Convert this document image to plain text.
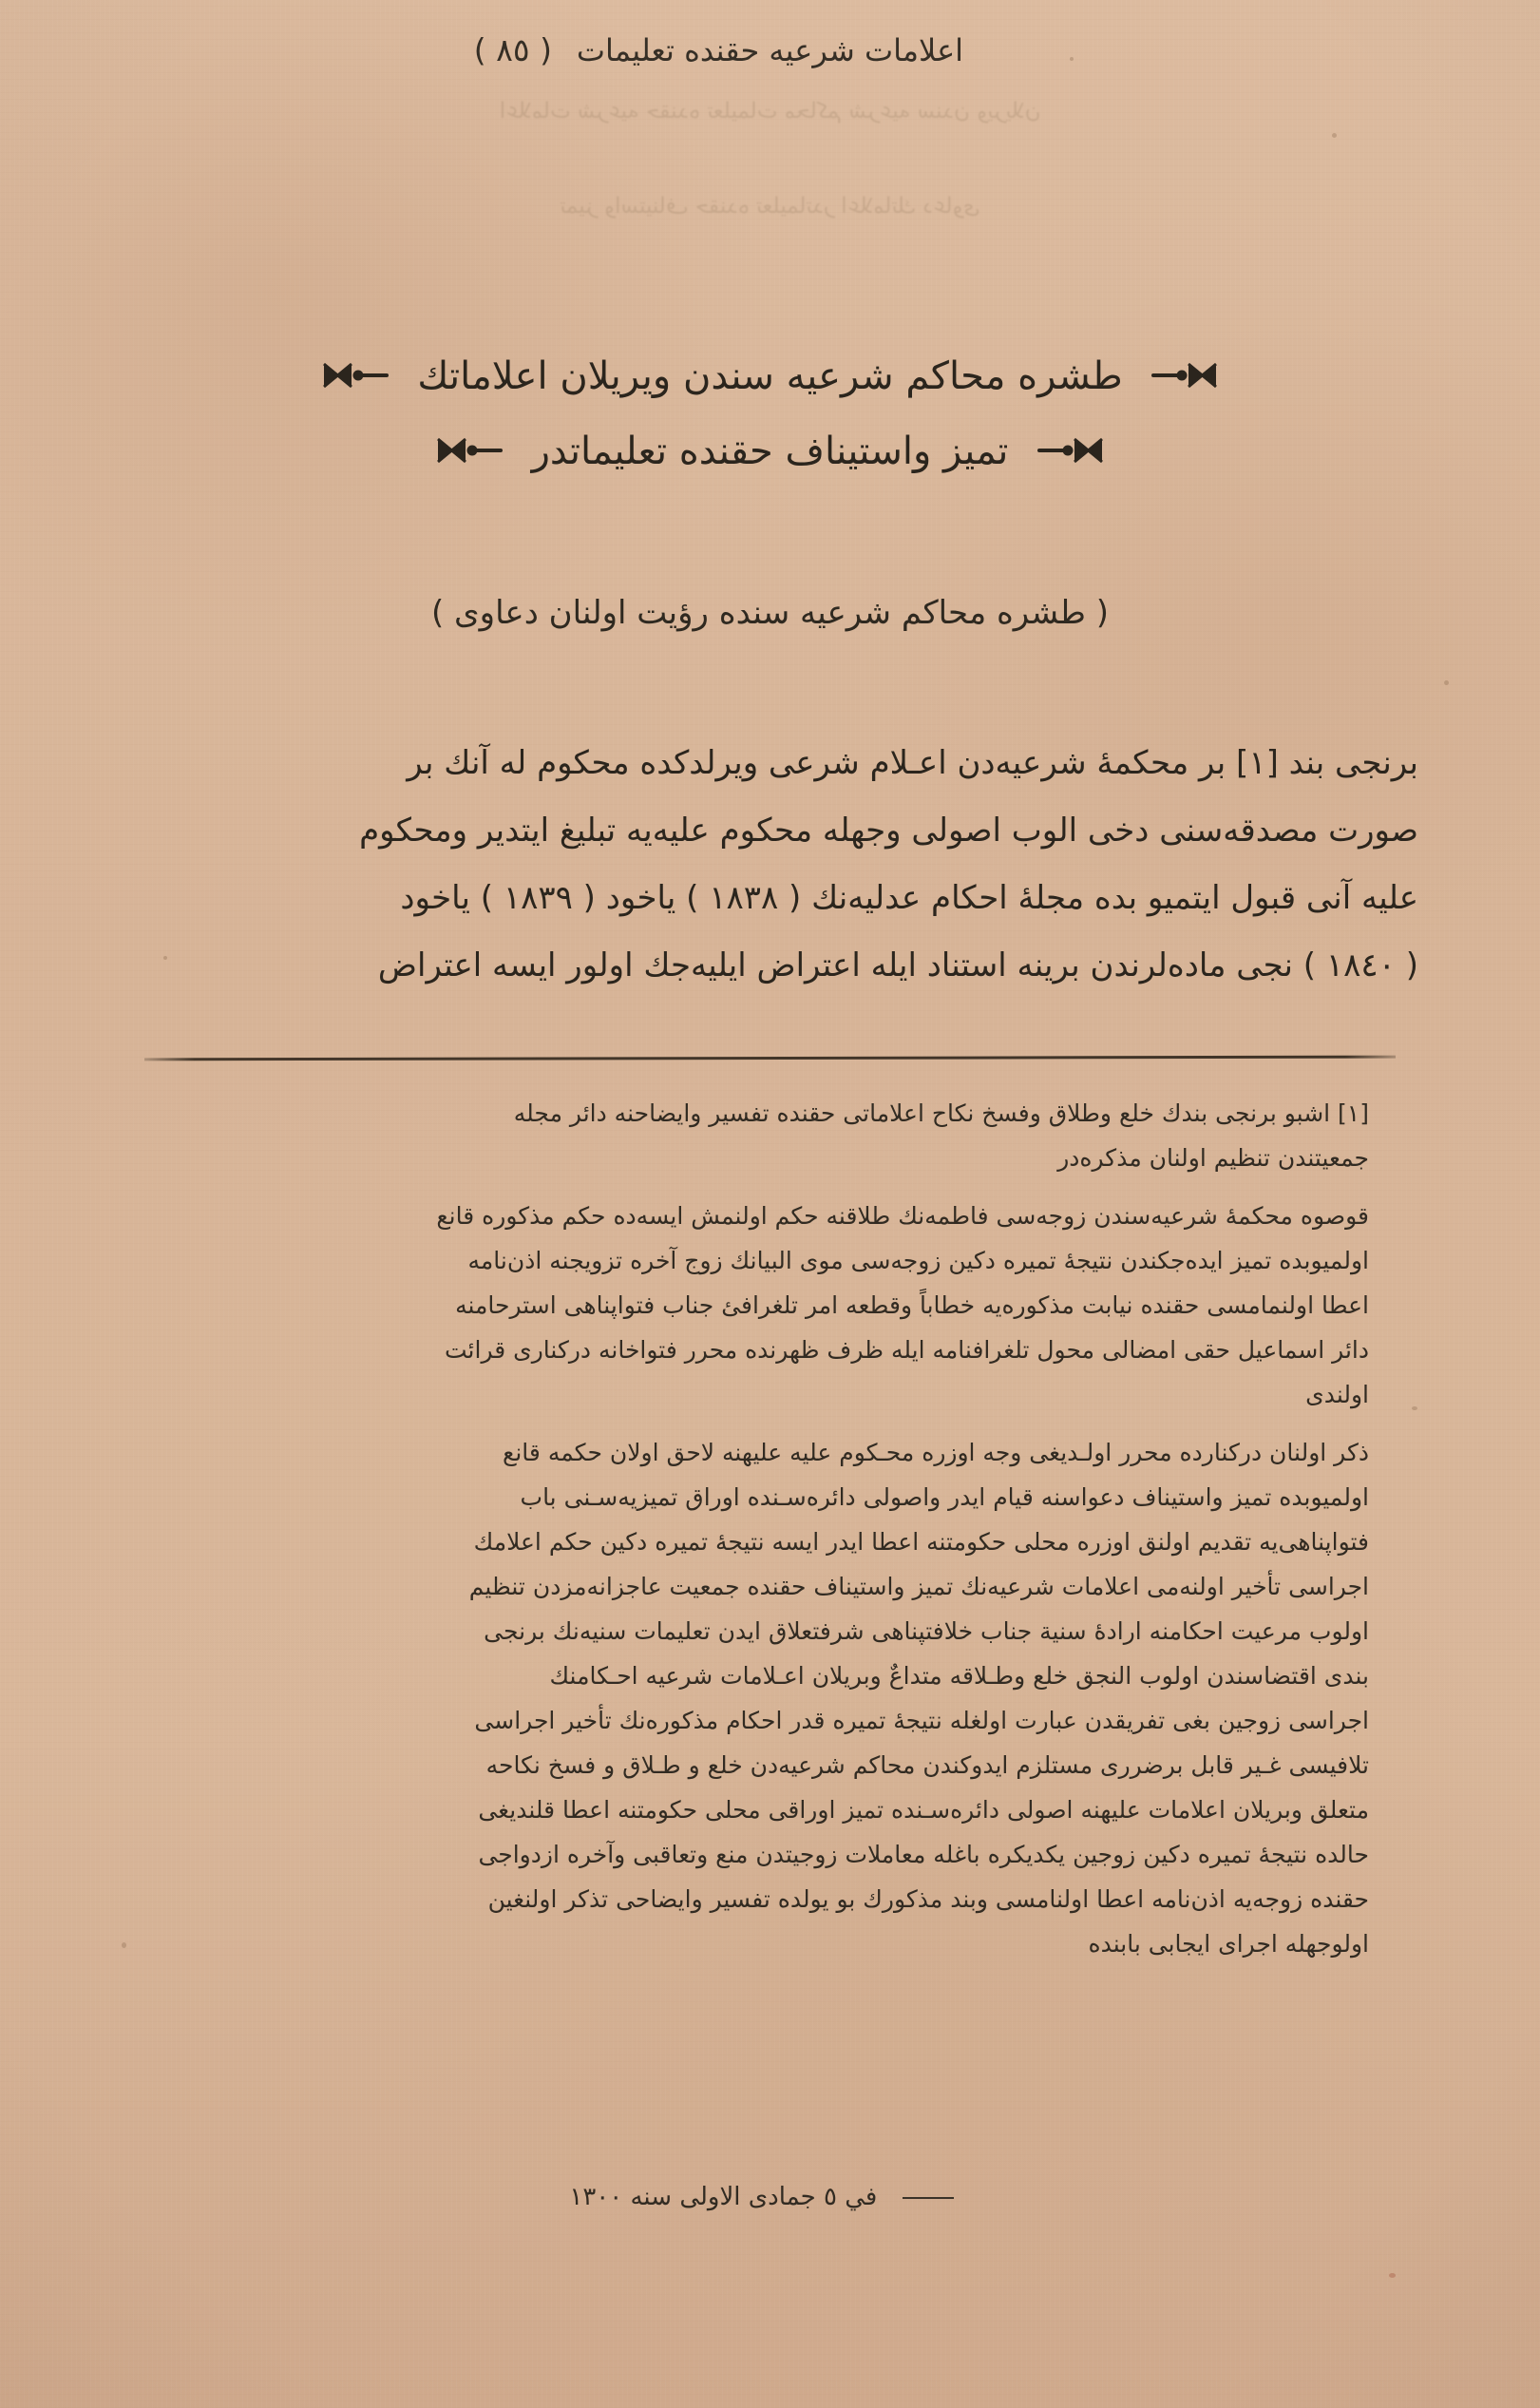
اعلامات شرعيه حقنده تعليمات محاكم شرعيه سندن ويريلان
تميز واستيناف حقنده تعليماتدر اعلاماتك دعاوى
اعلامات شرعيه حقنده تعليمات
( ٨٥ )
طشره محاكم شرعيه سندن ويريلان اعلاماتك
تميز واستيناف حقنده تعليماتدر
( طشره محاكم شرعيه سنده رؤيت اولنان دعاوى )
برنجى بند [١] بر محكمۀ شرعيه‌دن اعـلام شرعى ويرلدكده محكوم له آنك بر
صورت مصدقه‌سنى دخى الوب اصولى وجهله محكوم عليه‌يه تبليغ ايتدير ومحكوم
عليه آنى قبول ايتميو بده مجلۀ احكام عدليه‌نك ( ١٨٣٨ ) ياخود ( ١٨٣٩ ) ياخود
( ١٨٤٠ ) نجى ماده‌لرندن برينه استناد ايله اعتراض ايليه‌جك اولور ايسه اعتراض
[١] اشبو برنجى بندك خلع وطلاق وفسخ نكاح اعلاماتى حقنده تفسير وايضاحنه دائر مجله
جمعيتندن تنظيم اولنان مذكره‌در
قوصوه محكمۀ شرعيه‌سندن زوجه‌سى فاطمه‌نك طلاقنه حكم اولنمش ايسه‌ده حكم مذكوره قانع
اولميوبده تميز ايده‌جكندن نتيجۀ تميره دكين زوجه‌سى موى البيانك زوج آخره تزويجنه اذن‌نامه
اعطا اولنمامسى حقنده نيابت مذكوره‌يه خطاباً وقطعه امر تلغرافئ جناب فتواپناهى استرحامنه
دائر اسماعيل حقى امضالى محول تلغرافنامه ايله ظرف ظهرنده محرر فتواخانه دركنارى قرائت
اولندى
ذكر اولنان دركنارده محرر اولـدیغى وجه اوزره محـكوم عليه علیهنه لاحق اولان حكمه قانع
اولميوبده تميز واستيناف دعواسنه قيام ايدر واصولى دائرەسـنده اوراق تميزيه‌سـنى باب
فتواپناهى‌يه تقديم اولنق اوزره محلى حكومتنه اعطا ايدر ايسه نتيجۀ تميره دكين حكم اعلامك
اجراسى تأخير اولنه‌مى اعلامات شرعيه‌نك تميز واستيناف حقنده جمعيت عاجزانه‌مزدن تنظيم
اولوب مرعيت احكامنه ارادۀ سنية جناب خلافتپناهى شرفتعلاق ايدن تعليمات سنيه‌نك برنجى
بندى اقتضاسندن اولوب النجق خلع وطـلاقه متداعٌ وبريلان اعـلامات شرعيه احـكامنك
اجراسى زوجين بغى تفريقدن عبارت اولغله نتيجۀ تميره قدر احكام مذكورەنك تأخير اجراسى
تلافيسى غـير قابل برضررى مستلزم ايدوكندن محاكم شرعيه‌دن خلع و طـلاق و فسخ نكاحه
متعلق وبريلان اعلامات عليهنه اصولى دائرەسـنده تميز اوراقى محلى حكومتنه اعطا قلندیغى
حالده نتيجۀ تميره دكين زوجين يكديكره باغله معاملات زوجيتدن منع وتعاقبى وآخره ازدواجى
حقنده زوجه‌يه اذن‌نامه اعطا اولنامسى وبند مذكورك بو يولده تفسير وايضاحى تذكر اولنغين
اولوجهله اجراى ايجابى بابنده
في ٥ جمادى الاولى سنه ١٣٠٠
